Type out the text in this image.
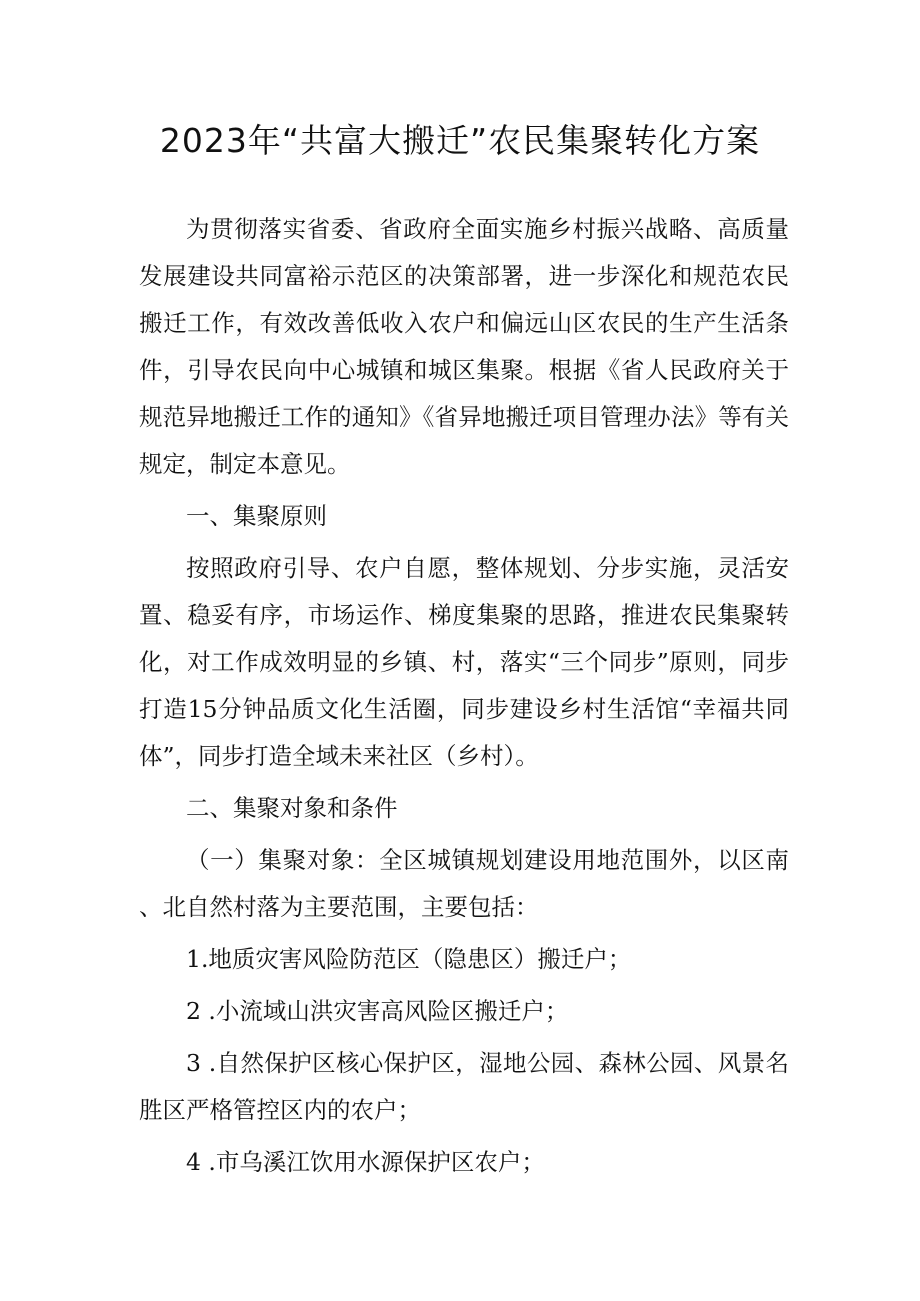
2023年“共富大搬迁”农民集聚转化方案

为贯彻落实省委、省政府全面实施乡村振兴战略、高质量发展建设共同富裕示范区的决策部署，进一步深化和规范农民搬迁工作，有效改善低收入农户和偏远山区农民的生产生活条件，引导农民向中心城镇和城区集聚。根据《省人民政府关于规范异地搬迁工作的通知》《省异地搬迁项目管理办法》等有关规定，制定本意见。

一、集聚原则

按照政府引导、农户自愿，整体规划、分步实施，灵活安置、稳妥有序，市场运作、梯度集聚的思路，推进农民集聚转化，对工作成效明显的乡镇、村，落实“三个同步”原则，同步打造15分钟品质文化生活圈，同步建设乡村生活馆“幸福共同体”，同步打造全域未来社区（乡村）。

二、集聚对象和条件

（一）集聚对象：全区城镇规划建设用地范围外，以区南、北自然村落为主要范围，主要包括：

1.地质灾害风险防范区（隐患区）搬迁户；

2 .小流域山洪灾害高风险区搬迁户；

3 .自然保护区核心保护区，湿地公园、森林公园、风景名胜区严格管控区内的农户；

4 .市乌溪江饮用水源保护区农户；
